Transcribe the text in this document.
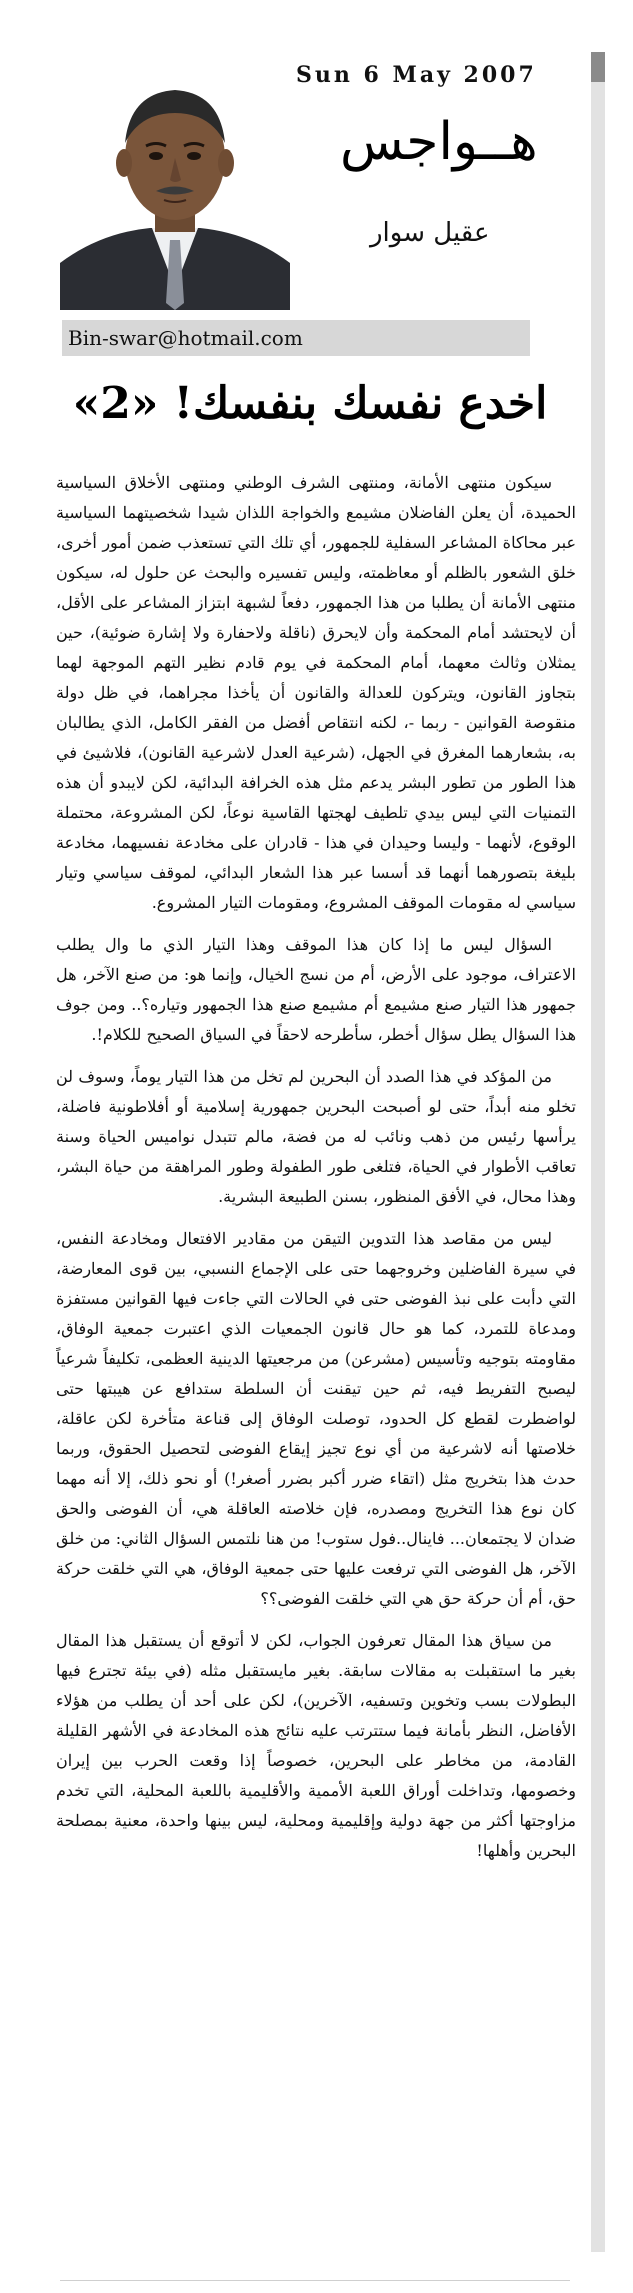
Sun 6 May 2007
هــواجس
عقيل سوار
Bin-swar@hotmail.com
اخدع نفسك بنفسك! «2»

سيكون منتهى الأمانة، ومنتهى الشرف الوطني ومنتهى الأخلاق السياسية الحميدة، أن يعلن الفاضلان مشيمع والخواجة اللذان شيدا شخصيتهما السياسية عبر محاكاة المشاعر السفلية للجمهور، أي تلك التي تستعذب ضمن أمور أخرى، خلق الشعور بالظلم أو معاظمته، وليس تفسيره والبحث عن حلول له، سيكون منتهى الأمانة أن يطلبا من هذا الجمهور، دفعاً لشبهة ابتزاز المشاعر على الأقل، أن لايحتشد أمام المحكمة وأن لايحرق (ناقلة ولاحفارة ولا إشارة ضوئية)، حين يمثلان وثالث معهما، أمام المحكمة في يوم قادم نظير التهم الموجهة لهما بتجاوز القانون، ويتركون للعدالة والقانون أن يأخذا مجراهما، في ظل دولة منقوصة القوانين - ربما -، لكنه انتقاص أفضل من الفقر الكامل، الذي يطالبان به، بشعارهما المغرق في الجهل، (شرعية العدل لاشرعية القانون)، فلاشيئ في هذا الطور من تطور البشر يدعم مثل هذه الخرافة البدائية، لكن لايبدو أن هذه التمنيات التي ليس بيدي تلطيف لهجتها القاسية نوعاً، لكن المشروعة، محتملة الوقوع، لأنهما - وليسا وحيدان في هذا - قادران على مخادعة نفسيهما، مخادعة بليغة بتصورهما أنهما قد أسسا عبر هذا الشعار البدائي، لموقف سياسي وتيار سياسي له مقومات الموقف المشروع، ومقومات التيار المشروع.

السؤال ليس ما إذا كان هذا الموقف وهذا التيار الذي ما وال يطلب الاعتراف، موجود على الأرض، أم من نسج الخيال، وإنما هو: من صنع الآخر، هل جمهور هذا التيار صنع مشيمع أم مشيمع صنع هذا الجمهور وتياره؟.. ومن جوف هذا السؤال يطل سؤال أخطر، سأطرحه لاحقاً في السياق الصحيح للكلام!.

من المؤكد في هذا الصدد أن البحرين لم تخل من هذا التيار يوماً، وسوف لن تخلو منه أبداً، حتى لو أصبحت البحرين جمهورية إسلامية أو أفلاطونية فاضلة، يرأسها رئيس من ذهب ونائب له من فضة، مالم تتبدل نواميس الحياة وسنة تعاقب الأطوار في الحياة، فتلغى طور الطفولة وطور المراهقة من حياة البشر، وهذا محال، في الأفق المنظور، بسنن الطبيعة البشرية.

ليس من مقاصد هذا التدوين التيقن من مقادير الافتعال ومخادعة النفس، في سيرة الفاضلين وخروجهما حتى على الإجماع النسبي، بين قوى المعارضة، التي دأبت على نبذ الفوضى حتى في الحالات التي جاءت فيها القوانين مستفزة ومدعاة للتمرد، كما هو حال قانون الجمعيات الذي اعتبرت جمعية الوفاق، مقاومته بتوجيه وتأسيس (مشرعن) من مرجعيتها الدينية العظمى، تكليفاً شرعياً ليصبح التفريط فيه، ثم حين تيقنت أن السلطة ستدافع عن هيبتها حتى لواضطرت لقطع كل الحدود، توصلت الوفاق إلى قناعة متأخرة لكن عاقلة، خلاصتها أنه لاشرعية من أي نوع تجيز إيقاع الفوضى لتحصيل الحقوق، وربما حدث هذا بتخريج مثل (اتقاء ضرر أكبر بضرر أصغر!) أو نحو ذلك، إلا أنه مهما كان نوع هذا التخريج ومصدره، فإن خلاصته العاقلة هي، أن الفوضى والحق ضدان لا يجتمعان... فاينال..فول ستوب! من هنا نلتمس السؤال الثاني: من خلق الآخر، هل الفوضى التي ترفعت عليها حتى جمعية الوفاق، هي التي خلقت حركة حق، أم أن حركة حق هي التي خلقت الفوضى؟؟

من سياق هذا المقال تعرفون الجواب، لكن لا أتوقع أن يستقبل هذا المقال بغير ما استقبلت به مقالات سابقة. بغير مايستقبل مثله (في بيئة تجترع فيها البطولات بسب وتخوين وتسفيه، الآخرين)، لكن على أحد أن يطلب من هؤلاء الأفاضل، النظر بأمانة فيما ستترتب عليه نتائج هذه المخادعة في الأشهر القليلة القادمة، من مخاطر على البحرين، خصوصاً إذا وقعت الحرب بين إيران وخصومها، وتداخلت أوراق اللعبة الأممية والأقليمية باللعبة المحلية، التي تخدم مزاوجتها أكثر من جهة دولية وإقليمية ومحلية، ليس بينها واحدة، معنية بمصلحة البحرين وأهلها!
